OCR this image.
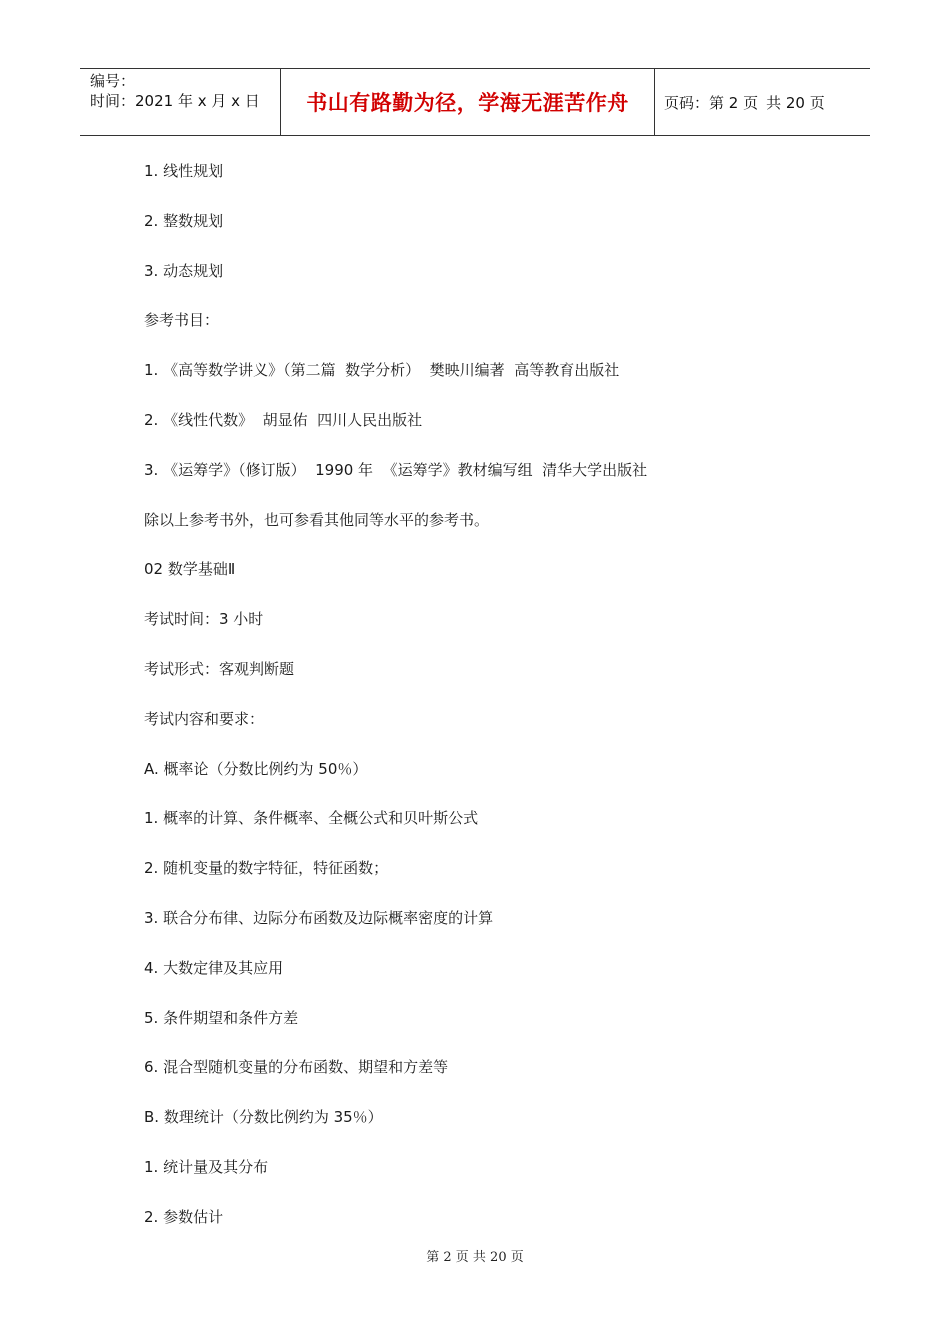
编号：
时间：2021 年 x 月 x 日	书山有路勤为径，学海无涯苦作舟 页码：第 2 页 共 20 页
1. 线性规划
2. 整数规划
3. 动态规划
参考书目：
1. 《高等数学讲义》（第二篇  数学分析）  樊映川编著  高等教育出版社
2. 《线性代数》  胡显佑  四川人民出版社
3. 《运筹学》（修订版）  1990 年  《运筹学》教材编写组  清华大学出版社
除以上参考书外，也可参看其他同等水平的参考书。
02 数学基础Ⅱ
考试时间：3 小时
考试形式：客观判断题
考试内容和要求：
A. 概率论（分数比例约为 50％）
1. 概率的计算、条件概率、全概公式和贝叶斯公式
2. 随机变量的数字特征，特征函数；
3. 联合分布律、边际分布函数及边际概率密度的计算
4. 大数定律及其应用
5. 条件期望和条件方差
6. 混合型随机变量的分布函数、期望和方差等
B. 数理统计（分数比例约为 35％）
1. 统计量及其分布
2. 参数估计
第 2 页 共 20 页
